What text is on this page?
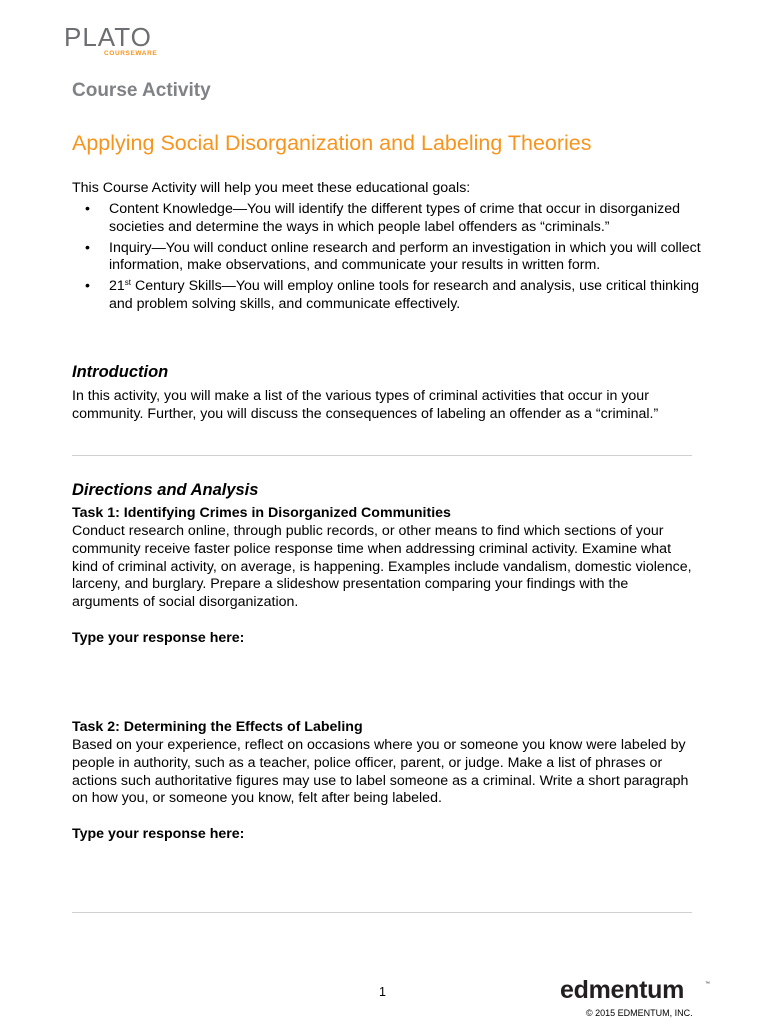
PLATO
COURSEWARE
Course Activity
Applying Social Disorganization and Labeling Theories

This Course Activity will help you meet these educational goals:

• Content Knowledge—You will identify the different types of crime that occur in disorganized societies and determine the ways in which people label offenders as “criminals.”
• Inquiry—You will conduct online research and perform an investigation in which you will collect information, make observations, and communicate your results in written form.
• 21st Century Skills—You will employ online tools for research and analysis, use critical thinking and problem solving skills, and communicate effectively.
Introduction

In this activity, you will make a list of the various types of criminal activities that occur in your community. Further, you will discuss the consequences of labeling an offender as a “criminal.”

Directions and Analysis
Task 1: Identifying Crimes in Disorganized Communities

Conduct research online, through public records, or other means to find which sections of your community receive faster police response time when addressing criminal activity. Examine what kind of criminal activity, on average, is happening. Examples include vandalism, domestic violence, larceny, and burglary. Prepare a slideshow presentation comparing your findings with the arguments of social disorganization.

Type your response here:
Task 2: Determining the Effects of Labeling

Based on your experience, reflect on occasions where you or someone you know were labeled by people in authority, such as a teacher, police officer, parent, or judge. Make a list of phrases or actions such authoritative figures may use to label someone as a criminal. Write a short paragraph on how you, or someone you know, felt after being labeled.

Type your response here:
1	edmentum	™
© 2015 EDMENTUM, INC.
